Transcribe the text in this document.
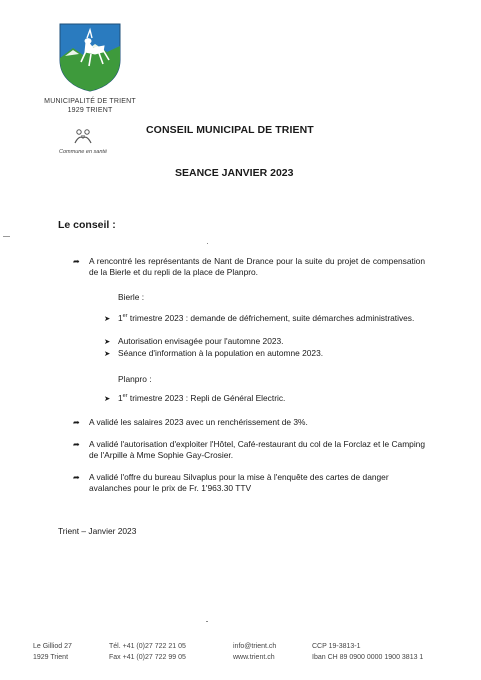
MUNICIPALITÉ DE TRIENT
1929 TRIENT
Commune en santé
CONSEIL MUNICIPAL DE TRIENT
SEANCE JANVIER 2023
Le conseil :
➦ A rencontré les représentants de Nant de Drance pour la suite du projet de compensation de la Bierle et du repli de la place de Planpro.
Bierle :
➤ 1er trimestre 2023 : demande de défrichement, suite démarches administratives.
➤ Autorisation envisagée pour l'automne 2023.
➤ Séance d'information à la population en automne 2023.
Planpro :
➤ 1er trimestre 2023 : Repli de Général Electric.
➦ A validé les salaires 2023 avec un renchérissement de 3%.
➦ A validé l'autorisation d'exploiter l'Hôtel, Café-restaurant du col de la Forclaz et le Camping de l'Arpille à Mme Sophie Gay-Crosier.
➦ A validé l'offre du bureau Silvaplus pour la mise à l'enquête des cartes de danger avalanches pour le prix de Fr. 1'963.30 TTV
Trient – Janvier 2023
Le Gilliod 27
1929 Trient
Tél. +41 (0)27 722 21 05
Fax +41 (0)27 722 99 05
info@trient.ch
www.trient.ch
CCP 19-3813-1
Iban CH 89 0900 0000 1900 3813 1
